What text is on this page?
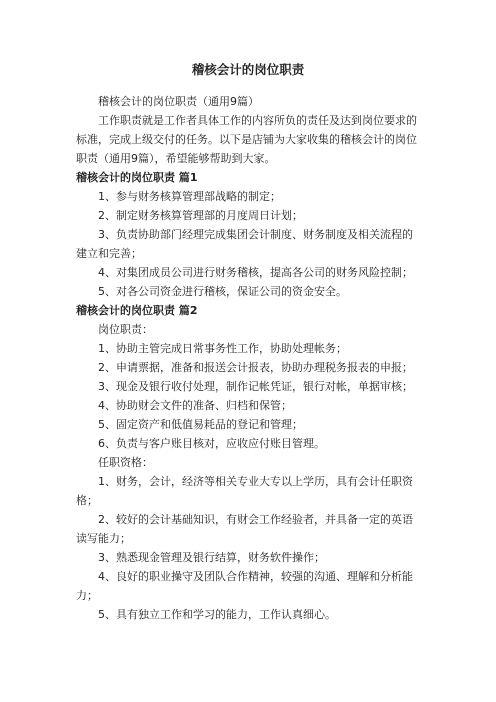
稽核会计的岗位职责

稽核会计的岗位职责（通用9篇）

工作职责就是工作者具体工作的内容所负的责任及达到岗位要求的标准，完成上级交付的任务。以下是店铺为大家收集的稽核会计的岗位职责（通用9篇），希望能够帮助到大家。

稽核会计的岗位职责 篇1

1、参与财务核算管理部战略的制定；

2、制定财务核算管理部的月度周日计划；

3、负责协助部门经理完成集团会计制度、财务制度及相关流程的建立和完善；

4、对集团成员公司进行财务稽核，提高各公司的财务风险控制；

5、对各公司资金进行稽核，保证公司的资金安全。

稽核会计的岗位职责 篇2

岗位职责：

1、协助主管完成日常事务性工作，协助处理帐务；

2、申请票据，准备和报送会计报表，协助办理税务报表的申报；

3、现金及银行收付处理，制作记帐凭证，银行对帐，单据审核；

4、协助财会文件的准备、归档和保管；

5、固定资产和低值易耗品的登记和管理；

6、负责与客户账目核对，应收应付账目管理。

任职资格：

1、财务，会计，经济等相关专业大专以上学历，具有会计任职资格；

2、较好的会计基础知识，有财会工作经验者，并具备一定的英语读写能力；

3、熟悉现金管理及银行结算，财务软件操作；

4、良好的职业操守及团队合作精神，较强的沟通、理解和分析能力；

5、具有独立工作和学习的能力，工作认真细心。
